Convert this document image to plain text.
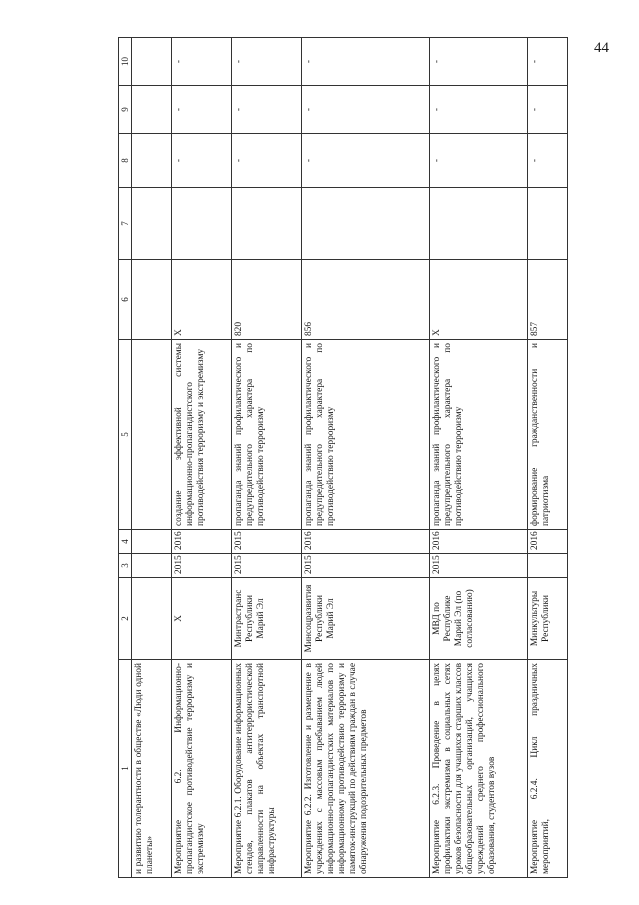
44
1	2	3	4	5	6	7	8	9	10
и развитию толерантности в обществе «Люди одной планеты»									
Мероприятие 6.2. Информационно-пропагандистское противодействие терроризму и экстремизму	Х	2015	2016	создание эффективной системы информационно-пропагандистского противодействия терроризму и экстремизму	Х		-	-	-
Мероприятие 6.2.1. Оборудование информационных стендов, плакатов антитеррористической направленности на объектах транспортной инфраструктуры	Минтрастранс Республики Марий Эл	2015	2015	пропаганда знаний профилактического и предупредительного характера по противодействию терроризму	820		-	-	-
Мероприятие 6.2.2. Изготовление и размещение в учреждениях с массовым пребыванием людей информационно-пропагандистских материалов по информационному противодействию терроризму и памяток-инструкций по действиям граждан в случае обнаружения подозрительных предметов	Минсоцразвития Республики Марий Эл	2015	2016	пропаганда знаний профилактического и предупредительного характера по противодействию терроризму	856		-	-	-
Мероприятие 6.2.3. Проведение в целях профилактики экстремизма в социальных сетях уроков безопасности для учащихся старших классов общеобразовательных организаций, учащихся учреждений среднего профессионального образования, студентов вузов	МВД по Республике Марий Эл (по согласованию)	2015	2016	пропаганда знаний профилактического и предупредительного характера по противодействию терроризму	Х		-	-	-
Мероприятие 6.2.4. Цикл праздничных мероприятий,	Минкультуры Республики		2016	формирование гражданственности и патриотизма	857		-	-	-
